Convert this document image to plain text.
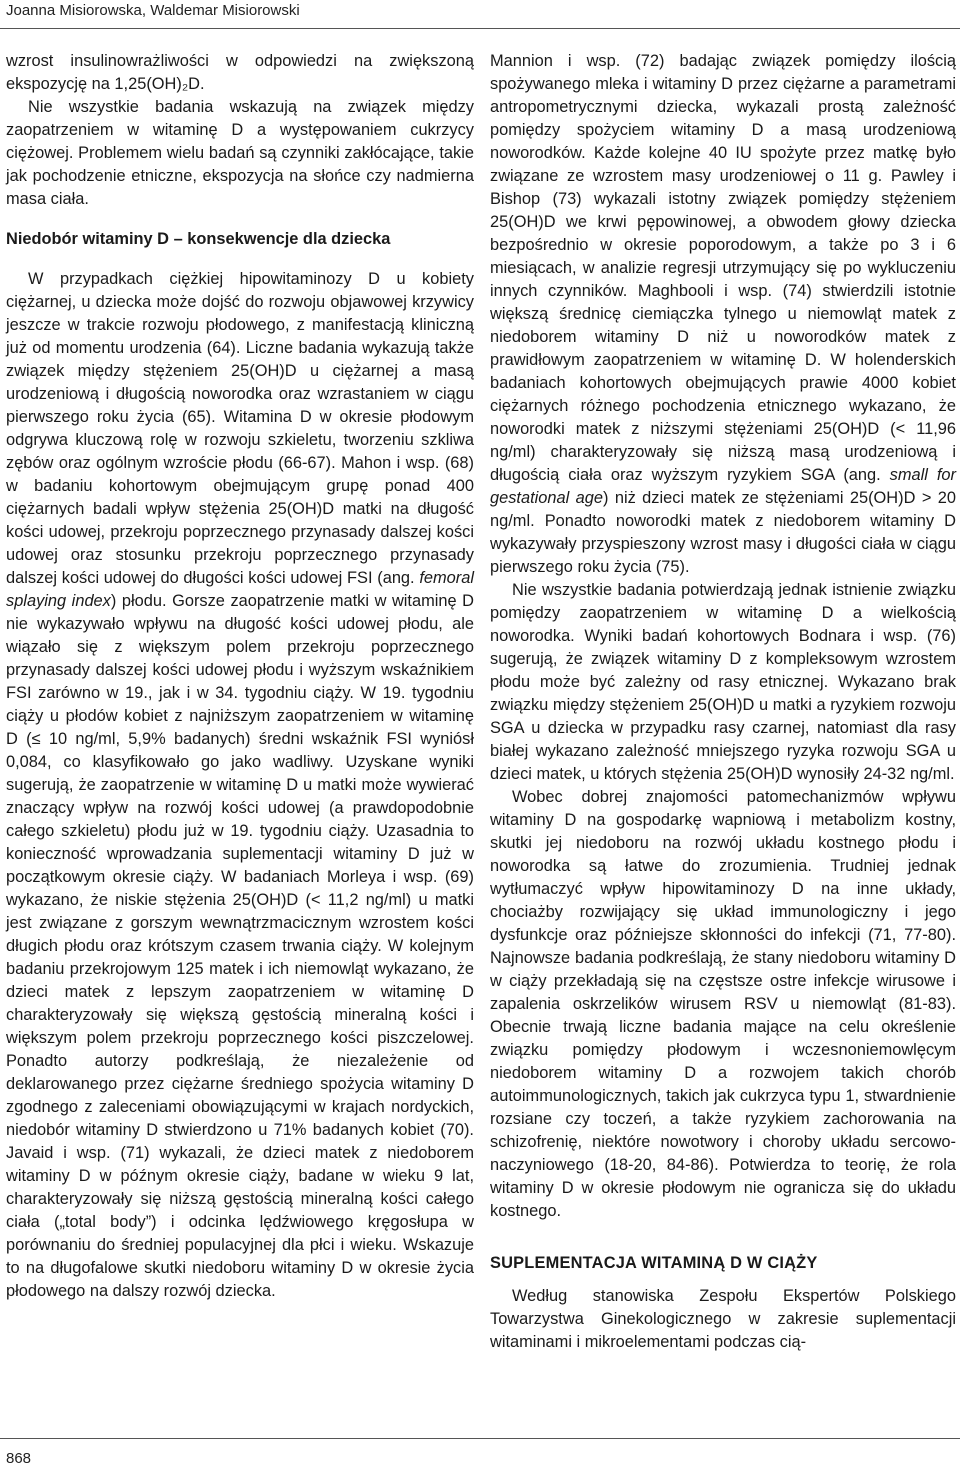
Joanna Misiorowska, Waldemar Misiorowski

wzrost insulinowrażliwości w odpowiedzi na zwiększoną ekspozycję na 1,25(OH)₂D.

Nie wszystkie badania wskazują na związek między zaopatrzeniem w witaminę D a występowaniem cukrzycy ciężowej. Problemem wielu badań są czynniki zakłócające, takie jak pochodzenie etniczne, ekspozycja na słońce czy nadmierna masa ciała.

Niedobór witaminy D – konsekwencje dla dziecka

W przypadkach ciężkiej hipowitaminozy D u kobiety ciężarnej, u dziecka może dojść do rozwoju objawowej krzywicy jeszcze w trakcie rozwoju płodowego, z manifestacją kliniczną już od momentu urodzenia (64). Liczne badania wykazują także związek między stężeniem 25(OH)D u ciężarnej a masą urodzeniową i długością noworodka oraz wzrastaniem w ciągu pierwszego roku życia (65). Witamina D w okresie płodowym odgrywa kluczową rolę w rozwoju szkieletu, tworzeniu szkliwa zębów oraz ogólnym wzroście płodu (66-67). Mahon i wsp. (68) w badaniu kohortowym obejmującym grupę ponad 400 ciężarnych badali wpływ stężenia 25(OH)D matki na długość kości udowej, przekroju poprzecznego przynasady dalszej kości udowej oraz stosunku przekroju poprzecznego przynasady dalszej kości udowej do długości kości udowej FSI (ang. femoral splaying index) płodu. Gorsze zaopatrzenie matki w witaminę D nie wykazywało wpływu na długość kości udowej płodu, ale wiązało się z większym polem przekroju poprzecznego przynasady dalszej kości udowej płodu i wyższym wskaźnikiem FSI zarówno w 19., jak i w 34. tygodniu ciąży. W 19. tygodniu ciąży u płodów kobiet z najniższym zaopatrzeniem w witaminę D (≤ 10 ng/ml, 5,9% badanych) średni wskaźnik FSI wyniósł 0,084, co klasyfikowało go jako wadliwy. Uzyskane wyniki sugerują, że zaopatrzenie w witaminę D u matki może wywierać znaczący wpływ na rozwój kości udowej (a prawdopodobnie całego szkieletu) płodu już w 19. tygodniu ciąży. Uzasadnia to konieczność wprowadzania suplementacji witaminy D już w początkowym okresie ciąży. W badaniach Morleya i wsp. (69) wykazano, że niskie stężenia 25(OH)D (< 11,2 ng/ml) u matki jest związane z gorszym wewnątrzmacicznym wzrostem kości długich płodu oraz krótszym czasem trwania ciąży. W kolejnym badaniu przekrojowym 125 matek i ich niemowląt wykazano, że dzieci matek z lepszym zaopatrzeniem w witaminę D charakteryzowały się większą gęstością mineralną kości i większym polem przekroju poprzecznego kości piszczelowej. Ponadto autorzy podkreślają, że niezależenie od deklarowanego przez ciężarne średniego spożycia witaminy D zgodnego z zaleceniami obowiązującymi w krajach nordyckich, niedobór witaminy D stwierdzono u 71% badanych kobiet (70). Javaid i wsp. (71) wykazali, że dzieci matek z niedoborem witaminy D w późnym okresie ciąży, badane w wieku 9 lat, charakteryzowały się niższą gęstością mineralną kości całego ciała („total body”) i odcinka lędźwiowego kręgosłupa w porównaniu do średniej populacyjnej dla płci i wieku. Wskazuje to na długofalowe skutki niedoboru witaminy D w okresie życia płodowego na dalszy rozwój dziecka.

Mannion i wsp. (72) badając związek pomiędzy ilością spożywanego mleka i witaminy D przez ciężarne a parametrami antropometrycznymi dziecka, wykazali prostą zależność pomiędzy spożyciem witaminy D a masą urodzeniową noworodków. Każde kolejne 40 IU spożyte przez matkę było związane ze wzrostem masy urodzeniowej o 11 g. Pawley i Bishop (73) wykazali istotny związek pomiędzy stężeniem 25(OH)D we krwi pępowinowej, a obwodem głowy dziecka bezpośrednio w okresie poporodowym, a także po 3 i 6 miesiącach, w analizie regresji utrzymujący się po wykluczeniu innych czynników. Maghbooli i wsp. (74) stwierdzili istotnie większą średnicę ciemiączka tylnego u niemowląt matek z niedoborem witaminy D niż u noworodków matek z prawidłowym zaopatrzeniem w witaminę D. W holenderskich badaniach kohortowych obejmujących prawie 4000 kobiet ciężarnych różnego pochodzenia etnicznego wykazano, że noworodki matek z niższymi stężeniami 25(OH)D (< 11,96 ng/ml) charakteryzowały się niższą masą urodzeniową i długością ciała oraz wyższym ryzykiem SGA (ang. small for gestational age) niż dzieci matek ze stężeniami 25(OH)D > 20 ng/ml. Ponadto noworodki matek z niedoborem witaminy D wykazywały przyspieszony wzrost masy i długości ciała w ciągu pierwszego roku życia (75).

Nie wszystkie badania potwierdzają jednak istnienie związku pomiędzy zaopatrzeniem w witaminę D a wielkością noworodka. Wyniki badań kohortowych Bodnara i wsp. (76) sugerują, że związek witaminy D z kompleksowym wzrostem płodu może być zależny od rasy etnicznej. Wykazano brak związku między stężeniem 25(OH)D u matki a ryzykiem rozwoju SGA u dziecka w przypadku rasy czarnej, natomiast dla rasy białej wykazano zależność mniejszego ryzyka rozwoju SGA u dzieci matek, u których stężenia 25(OH)D wynosiły 24-32 ng/ml.

Wobec dobrej znajomości patomechanizmów wpływu witaminy D na gospodarkę wapniową i metabolizm kostny, skutki jej niedoboru na rozwój układu kostnego płodu i noworodka są łatwe do zrozumienia. Trudniej jednak wytłumaczyć wpływ hipowitaminozy D na inne układy, chociażby rozwijający się układ immunologiczny i jego dysfunkcje oraz późniejsze skłonności do infekcji (71, 77-80). Najnowsze badania podkreślają, że stany niedoboru witaminy D w ciąży przekładają się na częstsze ostre infekcje wirusowe i zapalenia oskrzelików wirusem RSV u niemowląt (81-83). Obecnie trwają liczne badania mające na celu określenie związku pomiędzy płodowym i wczesnoniemowlęcym niedoborem witaminy D a rozwojem takich chorób autoimmunologicznych, takich jak cukrzyca typu 1, stwardnienie rozsiane czy toczeń, a także ryzykiem zachorowania na schizofrenię, niektóre nowotwory i choroby układu sercowo-naczyniowego (18-20, 84-86). Potwierdza to teorię, że rola witaminy D w okresie płodowym nie ogranicza się do układu kostnego.

SUPLEMENTACJA WITAMINĄ D W CIĄŻY

Według stanowiska Zespołu Ekspertów Polskiego Towarzystwa Ginekologicznego w zakresie suplementacji witaminami i mikroelementami podczas cią-

868
